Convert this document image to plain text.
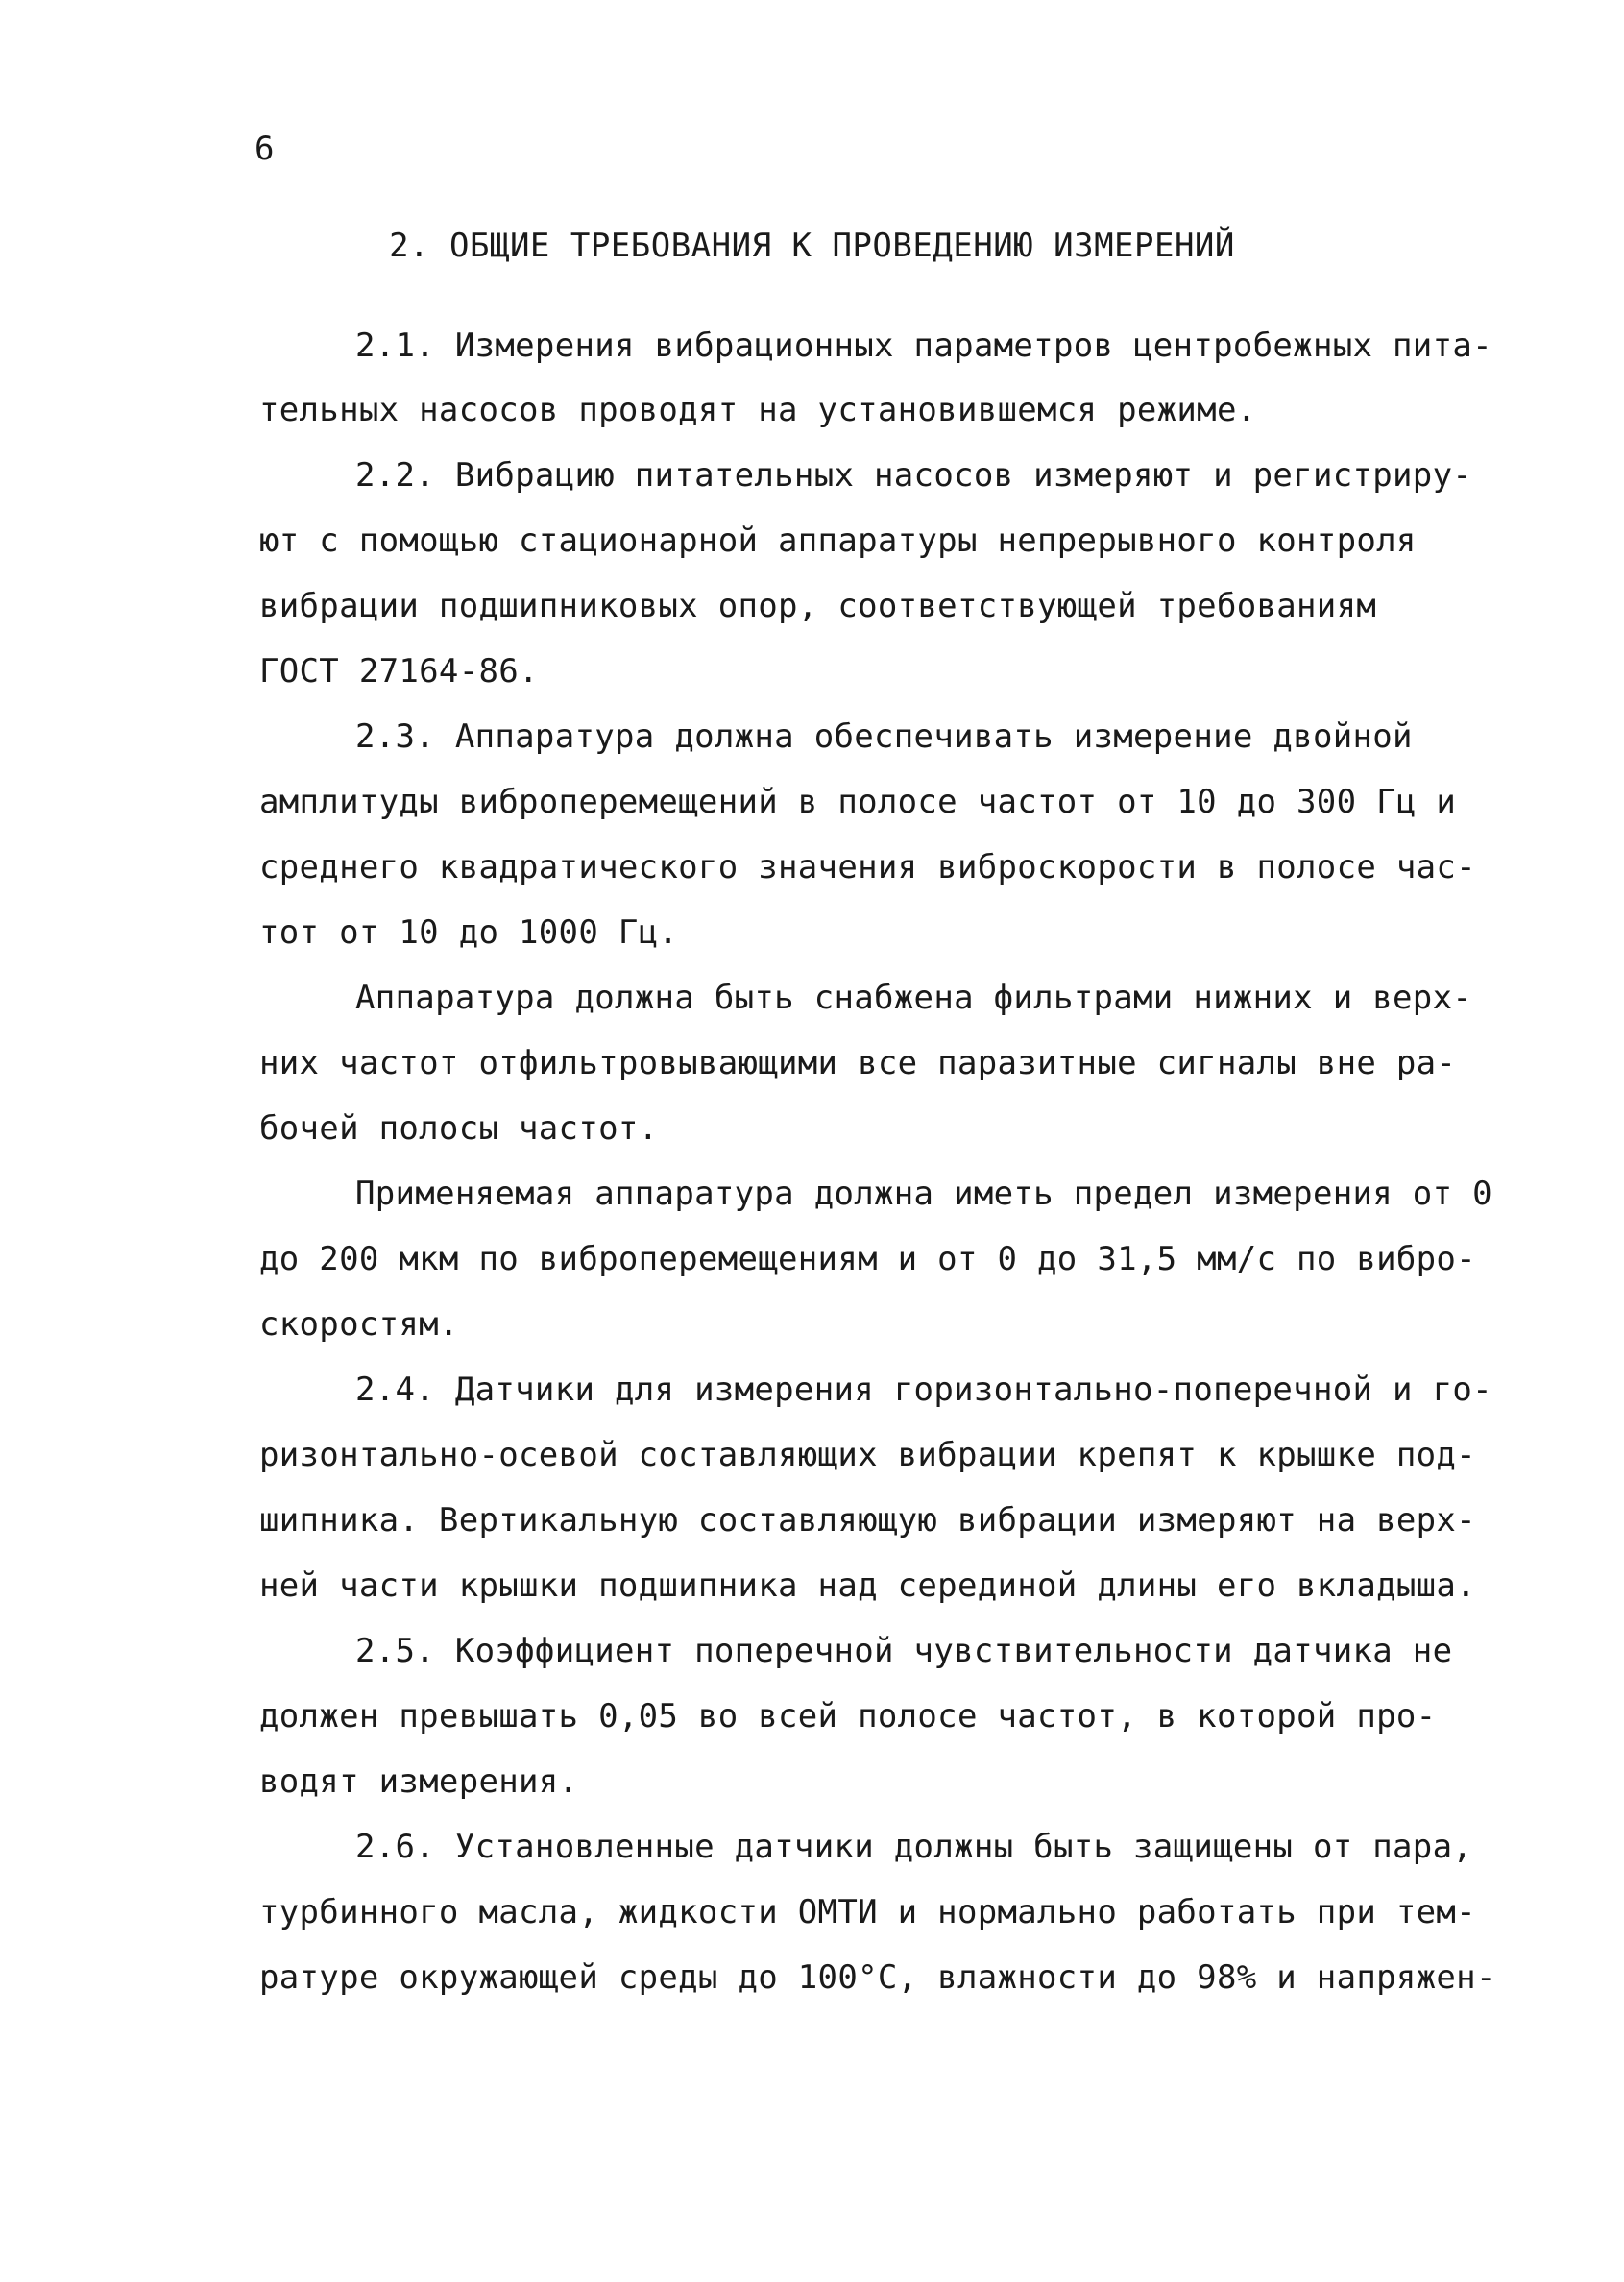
6
2. ОБЩИЕ ТРЕБОВАНИЯ К ПРОВЕДЕНИЮ ИЗМЕРЕНИЙ
2.1. Измерения вибрационных параметров центробежных пита-
тельных насосов проводят на установившемся режиме.
2.2. Вибрацию питательных насосов измеряют и регистриру-
ют с помощью стационарной аппаратуры непрерывного контроля
вибрации подшипниковых опор, соответствующей требованиям
ГОСТ 27164-86.
2.3. Аппаратура должна обеспечивать измерение двойной
амплитуды виброперемещений в полосе частот от 10 до 300 Гц и
среднего квадратического значения виброскорости в полосе час-
тот от 10 до 1000 Гц.
Аппаратура должна быть снабжена фильтрами нижних и верх-
них частот отфильтровывающими все паразитные сигналы вне ра-
бочей полосы частот.
Применяемая аппаратура должна иметь предел измерения от 0
до 200 мкм по виброперемещениям и от 0 до 31,5 мм/с по вибро-
скоростям.
2.4. Датчики для измерения горизонтально-поперечной и го-
ризонтально-осевой составляющих вибрации крепят к крышке под-
шипника. Вертикальную составляющую вибрации измеряют на верх-
ней части крышки подшипника над серединой длины его вкладыша.
2.5. Коэффициент поперечной чувствительности датчика не
должен превышать 0,05 во всей полосе частот, в которой про-
водят измерения.
2.6. Установленные датчики должны быть защищены от пара,
турбинного масла, жидкости ОМТИ и нормально работать при тем-
ратуре окружающей среды до 100°С, влажности до 98% и напряжен-
